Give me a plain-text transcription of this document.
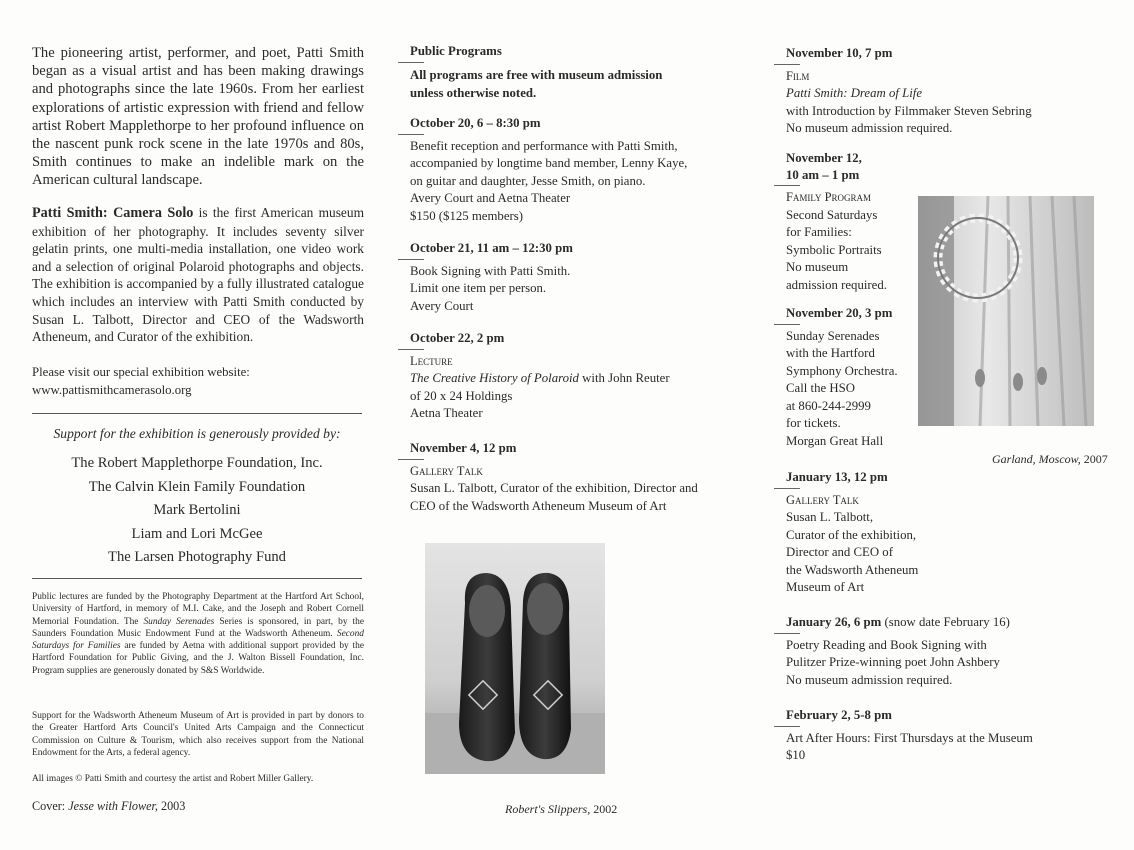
The pioneering artist, performer, and poet, Patti Smith began as a visual artist and has been making drawings and photographs since the late 1960s. From her earliest explorations of artistic expression with friend and fellow artist Robert Mapplethorpe to her profound influence on the nascent punk rock scene in the late 1970s and 80s, Smith continues to make an indelible mark on the American cultural landscape.

Patti Smith: Camera Solo is the first American museum exhibition of her photography. It includes seventy silver gelatin prints, one multi-media installation, one video work and a selection of original Polaroid photographs and objects. The exhibition is accompanied by a fully illustrated catalogue which includes an interview with Patti Smith conducted by Susan L. Talbott, Director and CEO of the Wadsworth Atheneum, and Curator of the exhibition.

Please visit our special exhibition website:
www.pattismithcamerasolo.org

Support for the exhibition is generously provided by:

The Robert Mapplethorpe Foundation, Inc.
The Calvin Klein Family Foundation
Mark Bertolini
Liam and Lori McGee
The Larsen Photography Fund

Public lectures are funded by the Photography Department at the Hartford Art School, University of Hartford, in memory of M.I. Cake, and the Joseph and Robert Cornell Memorial Foundation. The Sunday Serenades Series is sponsored, in part, by the Saunders Foundation Music Endowment Fund at the Wadsworth Atheneum. Second Saturdays for Families are funded by Aetna with additional support provided by the Hartford Foundation for Public Giving, and the J. Walton Bissell Foundation, Inc. Program supplies are generously donated by S&S Worldwide.

Support for the Wadsworth Atheneum Museum of Art is provided in part by donors to the Greater Hartford Arts Council's United Arts Campaign and the Connecticut Commission on Culture & Tourism, which also receives support from the National Endowment for the Arts, a federal agency.

All images © Patti Smith and courtesy the artist and Robert Miller Gallery.

Cover: Jesse with Flower, 2003

Public Programs

All programs are free with museum admission
unless otherwise noted.

October 20, 6 – 8:30 pm

Benefit reception and performance with Patti Smith,

accompanied by longtime band member, Lenny Kaye,

on guitar and daughter, Jesse Smith, on piano.

Avery Court and Aetna Theater

$150 ($125 members)

October 21, 11 am – 12:30 pm

Book Signing with Patti Smith.

Limit one item per person.

Avery Court

October 22, 2 pm

Lecture

The Creative History of Polaroid with John Reuter

of 20 x 24 Holdings

Aetna Theater

November 4, 12 pm

Gallery Talk

Susan L. Talbott, Curator of the exhibition, Director and

CEO of the Wadsworth Atheneum Museum of Art

Robert's Slippers, 2002

November 10, 7 pm

Film

Patti Smith: Dream of Life

with Introduction by Filmmaker Steven Sebring

No museum admission required.

November 12,

10 am – 1 pm

Family Program

Second Saturdays

for Families:

Symbolic Portraits

No museum

admission required.

November 20, 3 pm

Sunday Serenades

with the Hartford

Symphony Orchestra.

Call the HSO

at 860-244-2999

for tickets.

Morgan Great Hall

January 13, 12 pm

Gallery Talk

Susan L. Talbott,

Curator of the exhibition,

Director and CEO of

the Wadsworth Atheneum

Museum of Art

January 26, 6 pm (snow date February 16)

Poetry Reading and Book Signing with

Pulitzer Prize-winning poet John Ashbery

No museum admission required.

February 2, 5-8 pm

Art After Hours: First Thursdays at the Museum

$10

Garland, Moscow, 2007
